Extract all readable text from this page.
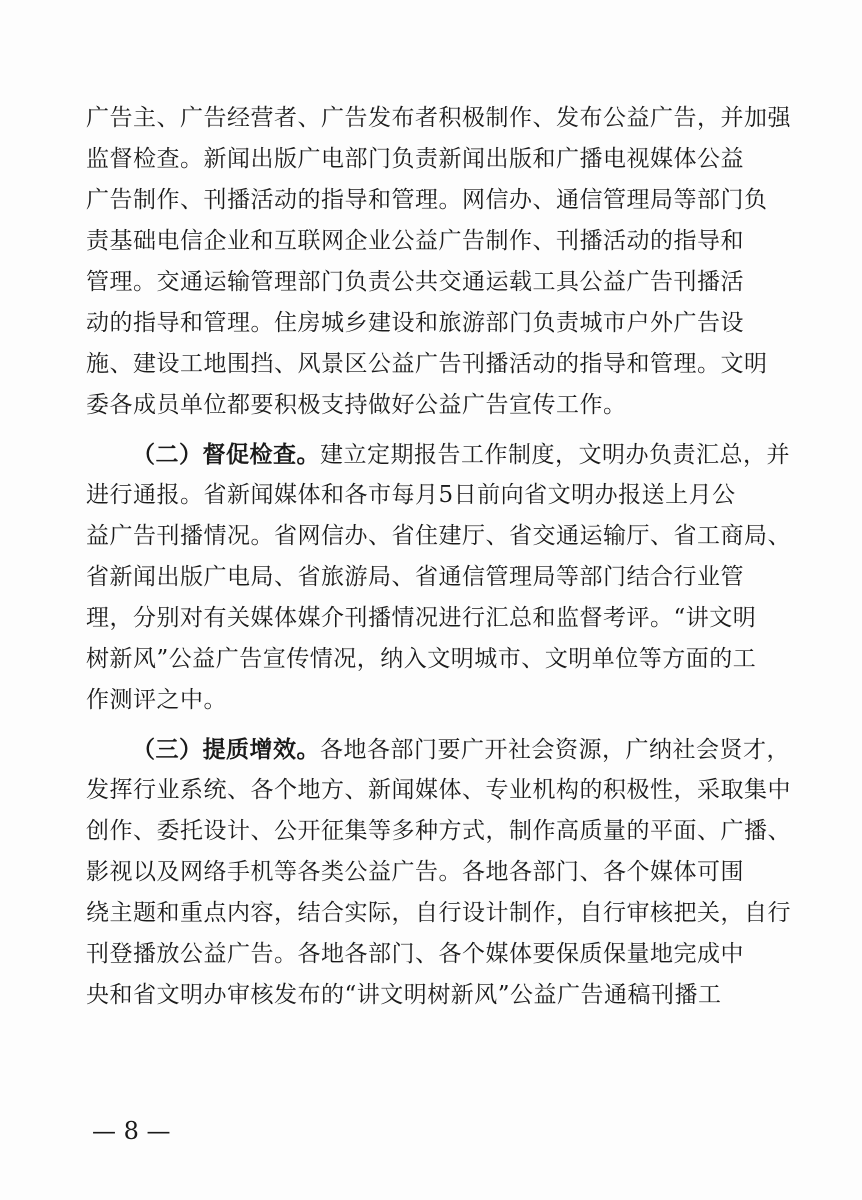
广告主、广告经营者、广告发布者积极制作、发布公益广告，并加强
监督检查。新闻出版广电部门负责新闻出版和广播电视媒体公益
广告制作、刊播活动的指导和管理。网信办、通信管理局等部门负
责基础电信企业和互联网企业公益广告制作、刊播活动的指导和
管理。交通运输管理部门负责公共交通运载工具公益广告刊播活
动的指导和管理。住房城乡建设和旅游部门负责城市户外广告设
施、建设工地围挡、风景区公益广告刊播活动的指导和管理。文明
委各成员单位都要积极支持做好公益广告宣传工作。
（二）督促检查。建立定期报告工作制度，文明办负责汇总，并
进行通报。省新闻媒体和各市每月5日前向省文明办报送上月公
益广告刊播情况。省网信办、省住建厅、省交通运输厅、省工商局、
省新闻出版广电局、省旅游局、省通信管理局等部门结合行业管
理，分别对有关媒体媒介刊播情况进行汇总和监督考评。“讲文明
树新风”公益广告宣传情况，纳入文明城市、文明单位等方面的工
作测评之中。
（三）提质增效。各地各部门要广开社会资源，广纳社会贤才，
发挥行业系统、各个地方、新闻媒体、专业机构的积极性，采取集中
创作、委托设计、公开征集等多种方式，制作高质量的平面、广播、
影视以及网络手机等各类公益广告。各地各部门、各个媒体可围
绕主题和重点内容，结合实际，自行设计制作，自行审核把关，自行
刊登播放公益广告。各地各部门、各个媒体要保质保量地完成中
央和省文明办审核发布的“讲文明树新风”公益广告通稿刊播工
— 8 —
